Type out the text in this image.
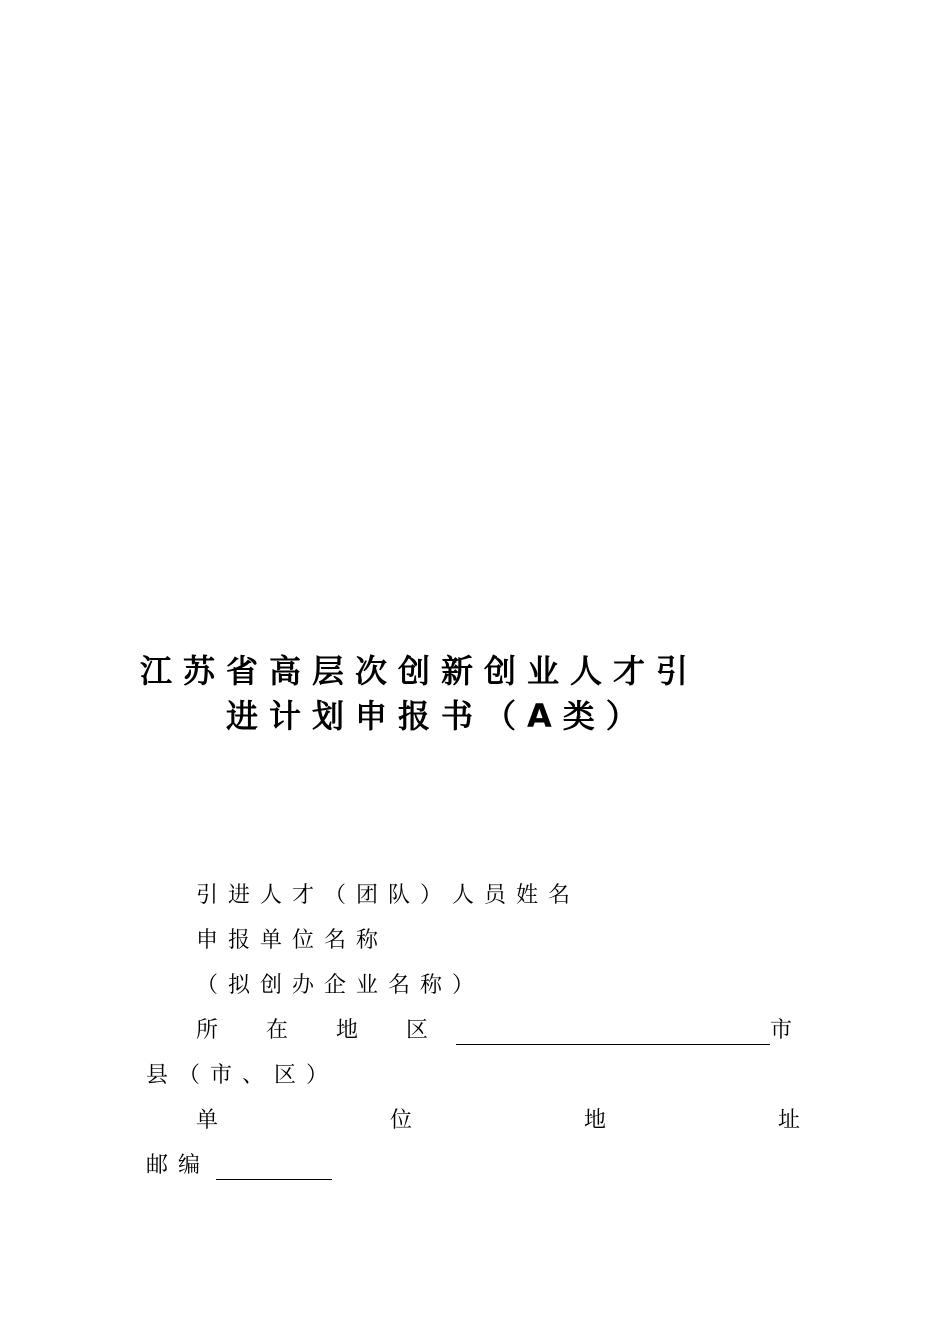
江苏省高层次创新创业人才引
进计划申报书（A类）
引进人才（团队）人员姓名
申报单位名称
（拟创办企业名称）
所 在 地 区	市
县（市、区）
单	位	地	址
邮编
